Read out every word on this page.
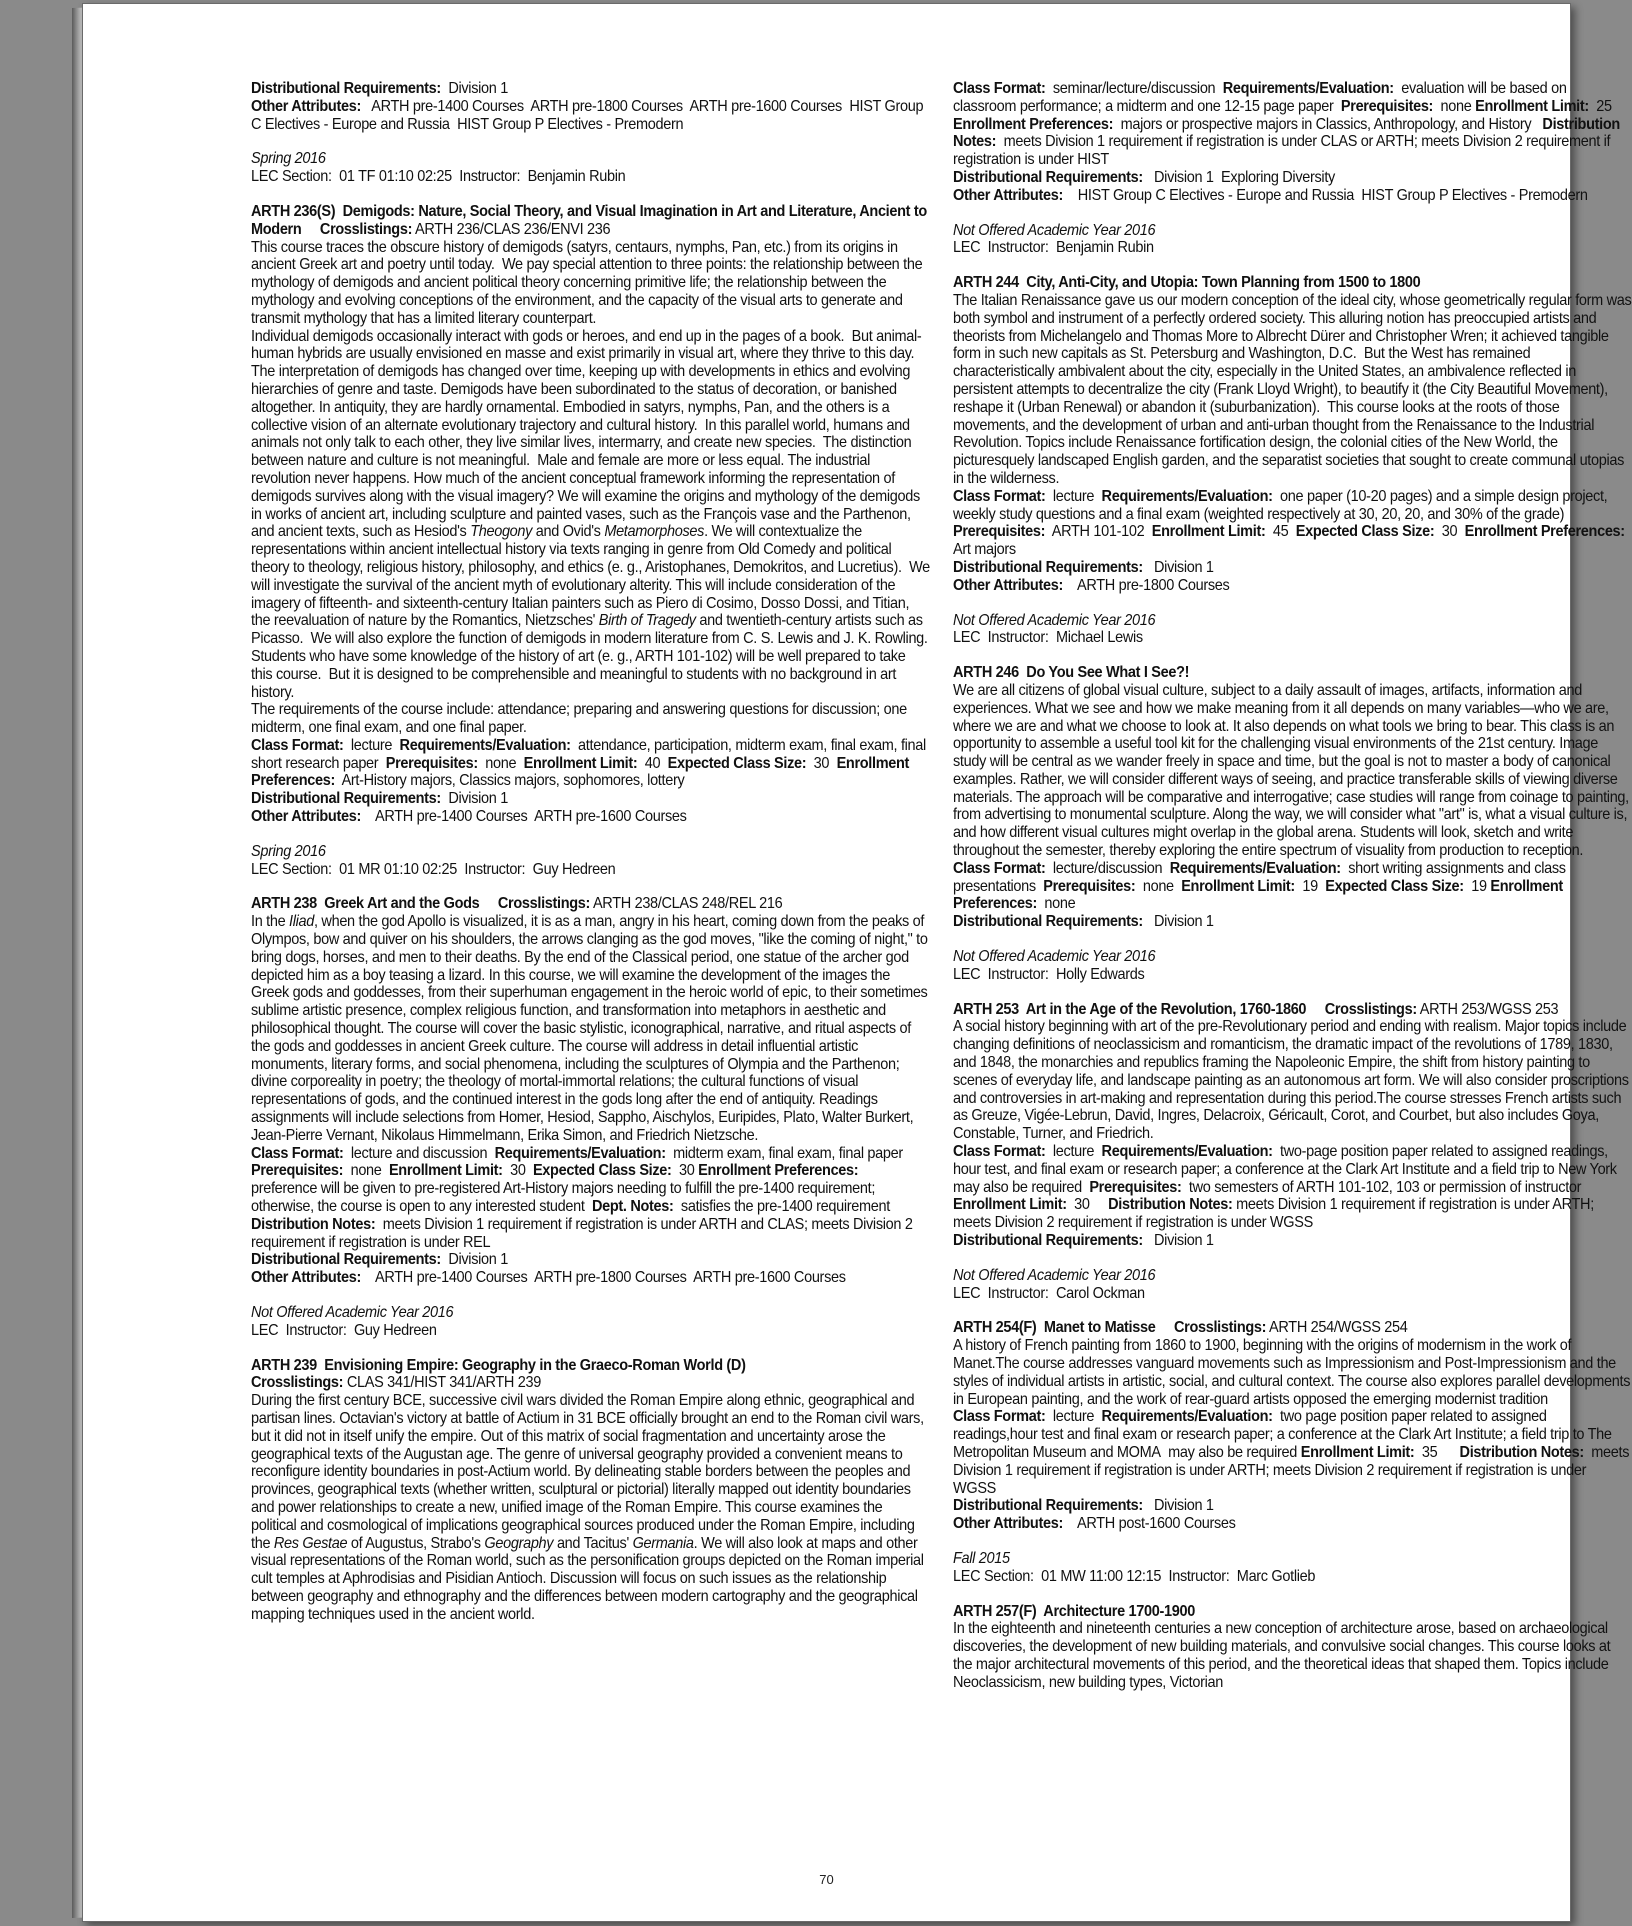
Distributional Requirements:  Division 1

Other Attributes:   ARTH pre-1400 Courses  ARTH pre-1800 Courses  ARTH pre-1600 Courses  HIST Group C Electives - Europe and Russia  HIST Group P Electives - Premodern

Spring 2016

LEC Section:  01 TF 01:10 02:25  Instructor:  Benjamin Rubin

ARTH 236(S)  Demigods: Nature, Social Theory, and Visual Imagination in Art and Literature, Ancient to Modern     Crosslistings: ARTH 236/CLAS 236/ENVI 236

This course traces the obscure history of demigods (satyrs, centaurs, nymphs, Pan, etc.) from its origins in ancient Greek art and poetry until today.  We pay special attention to three points: the relationship between the mythology of demigods and ancient political theory concerning primitive life; the relationship between the mythology and evolving conceptions of the environment, and the capacity of the visual arts to generate and transmit mythology that has a limited literary counterpart.

Individual demigods occasionally interact with gods or heroes, and end up in the pages of a book.  But animal-human hybrids are usually envisioned en masse and exist primarily in visual art, where they thrive to this day.  The interpretation of demigods has changed over time, keeping up with developments in ethics and evolving hierarchies of genre and taste. Demigods have been subordinated to the status of decoration, or banished altogether. In antiquity, they are hardly ornamental. Embodied in satyrs, nymphs, Pan, and the others is a collective vision of an alternate evolutionary trajectory and cultural history.  In this parallel world, humans and animals not only talk to each other, they live similar lives, intermarry, and create new species.  The distinction between nature and culture is not meaningful.  Male and female are more or less equal. The industrial revolution never happens. How much of the ancient conceptual framework informing the representation of demigods survives along with the visual imagery? We will examine the origins and mythology of the demigods in works of ancient art, including sculpture and painted vases, such as the François vase and the Parthenon, and ancient texts, such as Hesiod's Theogony and Ovid's Metamorphoses. We will contextualize the representations within ancient intellectual history via texts ranging in genre from Old Comedy and political theory to theology, religious history, philosophy, and ethics (e. g., Aristophanes, Demokritos, and Lucretius).  We will investigate the survival of the ancient myth of evolutionary alterity. This will include consideration of the imagery of fifteenth- and sixteenth-century Italian painters such as Piero di Cosimo, Dosso Dossi, and Titian, the reevaluation of nature by the Romantics, Nietzsches' Birth of Tragedy and twentieth-century artists such as Picasso.  We will also explore the function of demigods in modern literature from C. S. Lewis and J. K. Rowling.

Students who have some knowledge of the history of art (e. g., ARTH 101-102) will be well prepared to take this course.  But it is designed to be comprehensible and meaningful to students with no background in art history.

The requirements of the course include: attendance; preparing and answering questions for discussion; one midterm, one final exam, and one final paper.

Class Format:  lecture  Requirements/Evaluation:  attendance, participation, midterm exam, final exam, final short research paper  Prerequisites:  none  Enrollment Limit:  40  Expected Class Size:  30  Enrollment Preferences:  Art-History majors, Classics majors, sophomores, lottery

Distributional Requirements:  Division 1

Other Attributes:    ARTH pre-1400 Courses  ARTH pre-1600 Courses

Spring 2016

LEC Section:  01 MR 01:10 02:25  Instructor:  Guy Hedreen

ARTH 238  Greek Art and the Gods     Crosslistings: ARTH 238/CLAS 248/REL 216

In the Iliad, when the god Apollo is visualized, it is as a man, angry in his heart, coming down from the peaks of Olympos, bow and quiver on his shoulders, the arrows clanging as the god moves, "like the coming of night," to bring dogs, horses, and men to their deaths. By the end of the Classical period, one statue of the archer god depicted him as a boy teasing a lizard. In this course, we will examine the development of the images the Greek gods and goddesses, from their superhuman engagement in the heroic world of epic, to their sometimes sublime artistic presence, complex religious function, and transformation into metaphors in aesthetic and philosophical thought. The course will cover the basic stylistic, iconographical, narrative, and ritual aspects of the gods and goddesses in ancient Greek culture. The course will address in detail influential artistic monuments, literary forms, and social phenomena, including the sculptures of Olympia and the Parthenon; divine corporeality in poetry; the theology of mortal-immortal relations; the cultural functions of visual representations of gods, and the continued interest in the gods long after the end of antiquity. Readings assignments will include selections from Homer, Hesiod, Sappho, Aischylos, Euripides, Plato, Walter Burkert, Jean-Pierre Vernant, Nikolaus Himmelmann, Erika Simon, and Friedrich Nietzsche.

Class Format:  lecture and discussion  Requirements/Evaluation:  midterm exam, final exam, final paper  Prerequisites:  none  Enrollment Limit:  30  Expected Class Size:  30 Enrollment Preferences:  preference will be given to pre-registered Art-History majors needing to fulfill the pre-1400 requirement; otherwise, the course is open to any interested student  Dept. Notes:  satisfies the pre-1400 requirement  Distribution Notes:  meets Division 1 requirement if registration is under ARTH and CLAS; meets Division 2 requirement if registration is under REL

Distributional Requirements:  Division 1

Other Attributes:    ARTH pre-1400 Courses  ARTH pre-1800 Courses  ARTH pre-1600 Courses

Not Offered Academic Year 2016

LEC  Instructor:  Guy Hedreen

ARTH 239  Envisioning Empire: Geography in the Graeco-Roman World (D)

Crosslistings: CLAS 341/HIST 341/ARTH 239

During the first century BCE, successive civil wars divided the Roman Empire along ethnic, geographical and partisan lines. Octavian's victory at battle of Actium in 31 BCE officially brought an end to the Roman civil wars, but it did not in itself unify the empire. Out of this matrix of social fragmentation and uncertainty arose the geographical texts of the Augustan age. The genre of universal geography provided a convenient means to reconfigure identity boundaries in post-Actium world. By delineating stable borders between the peoples and provinces, geographical texts (whether written, sculptural or pictorial) literally mapped out identity boundaries and power relationships to create a new, unified image of the Roman Empire. This course examines the political and cosmological of implications geographical sources produced under the Roman Empire, including the Res Gestae of Augustus, Strabo's Geography and Tacitus' Germania. We will also look at maps and other visual representations of the Roman world, such as the personification groups depicted on the Roman imperial cult temples at Aphrodisias and Pisidian Antioch. Discussion will focus on such issues as the relationship between geography and ethnography and the differences between modern cartography and the geographical mapping techniques used in the ancient world.

Class Format:  seminar/lecture/discussion  Requirements/Evaluation:  evaluation will be based on classroom performance; a midterm and one 12-15 page paper  Prerequisites:  none Enrollment Limit:  25   Enrollment Preferences:  majors or prospective majors in Classics, Anthropology, and History   Distribution Notes:  meets Division 1 requirement if registration is under CLAS or ARTH; meets Division 2 requirement if registration is under HIST

Distributional Requirements:   Division 1  Exploring Diversity

Other Attributes:    HIST Group C Electives - Europe and Russia  HIST Group P Electives - Premodern

Not Offered Academic Year 2016

LEC  Instructor:  Benjamin Rubin

ARTH 244  City, Anti-City, and Utopia: Town Planning from 1500 to 1800

The Italian Renaissance gave us our modern conception of the ideal city, whose geometrically regular form was both symbol and instrument of a perfectly ordered society. This alluring notion has preoccupied artists and theorists from Michelangelo and Thomas More to Albrecht Dürer and Christopher Wren; it achieved tangible form in such new capitals as St. Petersburg and Washington, D.C.  But the West has remained characteristically ambivalent about the city, especially in the United States, an ambivalence reflected in persistent attempts to decentralize the city (Frank Lloyd Wright), to beautify it (the City Beautiful Movement), reshape it (Urban Renewal) or abandon it (suburbanization).  This course looks at the roots of those movements, and the development of urban and anti-urban thought from the Renaissance to the Industrial Revolution. Topics include Renaissance fortification design, the colonial cities of the New World, the picturesquely landscaped English garden, and the separatist societies that sought to create communal utopias in the wilderness.

Class Format:  lecture  Requirements/Evaluation:  one paper (10-20 pages) and a simple design project, weekly study questions and a final exam (weighted respectively at 30, 20, 20, and 30% of the grade)  Prerequisites:  ARTH 101-102  Enrollment Limit:  45  Expected Class Size:  30  Enrollment Preferences:  Art majors

Distributional Requirements:   Division 1

Other Attributes:    ARTH pre-1800 Courses

Not Offered Academic Year 2016

LEC  Instructor:  Michael Lewis

ARTH 246  Do You See What I See?!

We are all citizens of global visual culture, subject to a daily assault of images, artifacts, information and experiences. What we see and how we make meaning from it all depends on many variables—who we are, where we are and what we choose to look at. It also depends on what tools we bring to bear. This class is an opportunity to assemble a useful tool kit for the challenging visual environments of the 21st century. Image study will be central as we wander freely in space and time, but the goal is not to master a body of canonical examples. Rather, we will consider different ways of seeing, and practice transferable skills of viewing diverse materials. The approach will be comparative and interrogative; case studies will range from coinage to painting, from advertising to monumental sculpture. Along the way, we will consider what "art" is, what a visual culture is, and how different visual cultures might overlap in the global arena. Students will look, sketch and write throughout the semester, thereby exploring the entire spectrum of visuality from production to reception.

Class Format:  lecture/discussion  Requirements/Evaluation:  short writing assignments and class presentations  Prerequisites:  none  Enrollment Limit:  19  Expected Class Size:  19 Enrollment Preferences:  none

Distributional Requirements:   Division 1

Not Offered Academic Year 2016

LEC  Instructor:  Holly Edwards

ARTH 253  Art in the Age of the Revolution, 1760-1860     Crosslistings: ARTH 253/WGSS 253

A social history beginning with art of the pre-Revolutionary period and ending with realism. Major topics include changing definitions of neoclassicism and romanticism, the dramatic impact of the revolutions of 1789, 1830, and 1848, the monarchies and republics framing the Napoleonic Empire, the shift from history painting to scenes of everyday life, and landscape painting as an autonomous art form. We will also consider proscriptions and controversies in art-making and representation during this period.The course stresses French artists such as Greuze, Vigée-Lebrun, David, Ingres, Delacroix, Géricault, Corot, and Courbet, but also includes Goya, Constable, Turner, and Friedrich.

Class Format:  lecture  Requirements/Evaluation:  two-page position paper related to assigned readings, hour test, and final exam or research paper; a conference at the Clark Art Institute and a field trip to New York may also be required  Prerequisites:  two semesters of ARTH 101-102, 103 or permission of instructor  Enrollment Limit:  30     Distribution Notes: meets Division 1 requirement if registration is under ARTH; meets Division 2 requirement if registration is under WGSS

Distributional Requirements:   Division 1

Not Offered Academic Year 2016

LEC  Instructor:  Carol Ockman

ARTH 254(F)  Manet to Matisse     Crosslistings: ARTH 254/WGSS 254

A history of French painting from 1860 to 1900, beginning with the origins of modernism in the work of Manet.The course addresses vanguard movements such as Impressionism and Post-Impressionism and the styles of individual artists in artistic, social, and cultural context. The course also explores parallel developments in European painting, and the work of rear-guard artists opposed the emerging modernist tradition

Class Format:  lecture  Requirements/Evaluation:  two page position paper related to assigned readings,hour test and final exam or research paper; a conference at the Clark Art Institute; a field trip to The Metropolitan Museum and MOMA  may also be required Enrollment Limit:  35      Distribution Notes:  meets Division 1 requirement if registration is under ARTH; meets Division 2 requirement if registration is under WGSS

Distributional Requirements:   Division 1

Other Attributes:    ARTH post-1600 Courses

Fall 2015

LEC Section:  01 MW 11:00 12:15  Instructor:  Marc Gotlieb

ARTH 257(F)  Architecture 1700-1900

In the eighteenth and nineteenth centuries a new conception of architecture arose, based on archaeological discoveries, the development of new building materials, and convulsive social changes. This course looks at the major architectural movements of this period, and the theoretical ideas that shaped them. Topics include Neoclassicism, new building types, Victorian

70
